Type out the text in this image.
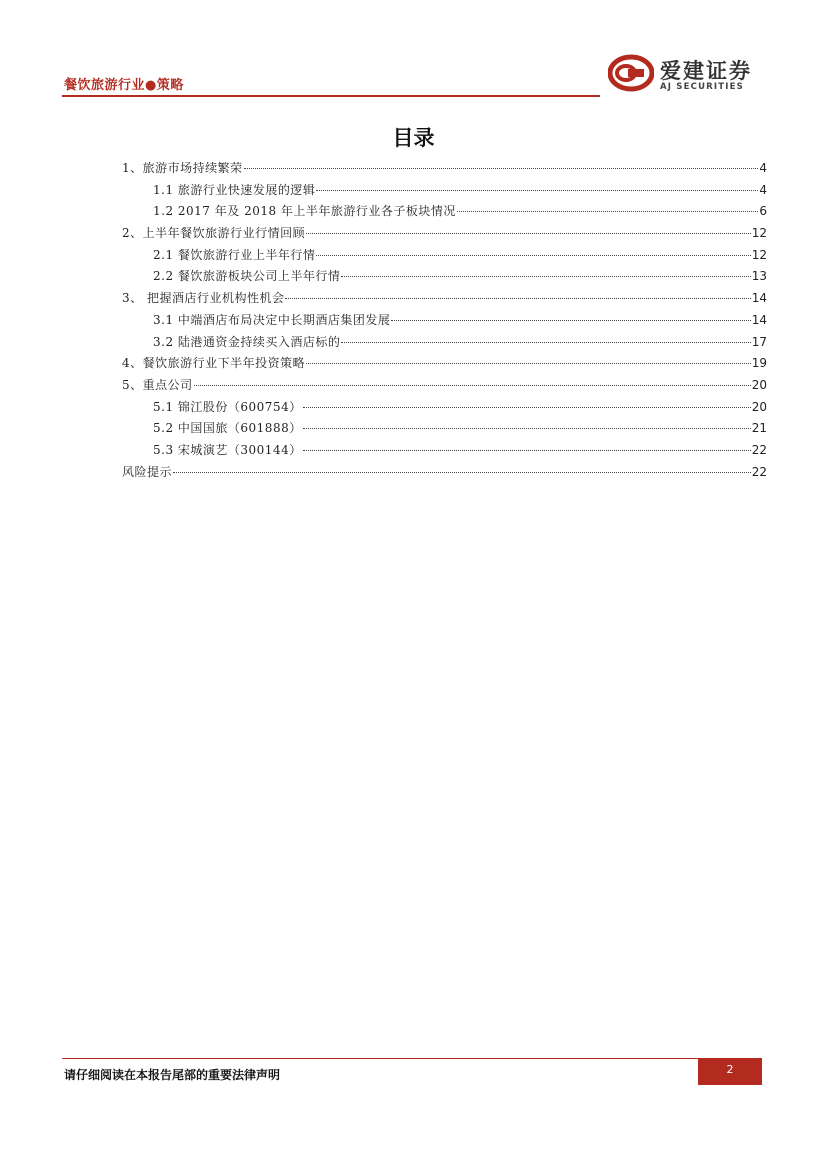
餐饮旅游行业●策略
爱建证券
AJ SECURITIES
目录
1、旅游市场持续繁荣	4
1.1 旅游行业快速发展的逻辑	4
1.2 2017 年及 2018 年上半年旅游行业各子板块情况	6
2、上半年餐饮旅游行业行情回顾	12
2.1 餐饮旅游行业上半年行情	12
2.2 餐饮旅游板块公司上半年行情	13
3、 把握酒店行业机构性机会	14
3.1 中端酒店布局决定中长期酒店集团发展	14
3.2 陆港通资金持续买入酒店标的	17
4、餐饮旅游行业下半年投资策略	19
5、重点公司	20
5.1 锦江股份（600754）	20
5.2 中国国旅（601888）	21
5.3 宋城演艺（300144）	22
风险提示	22
请仔细阅读在本报告尾部的重要法律声明	2
